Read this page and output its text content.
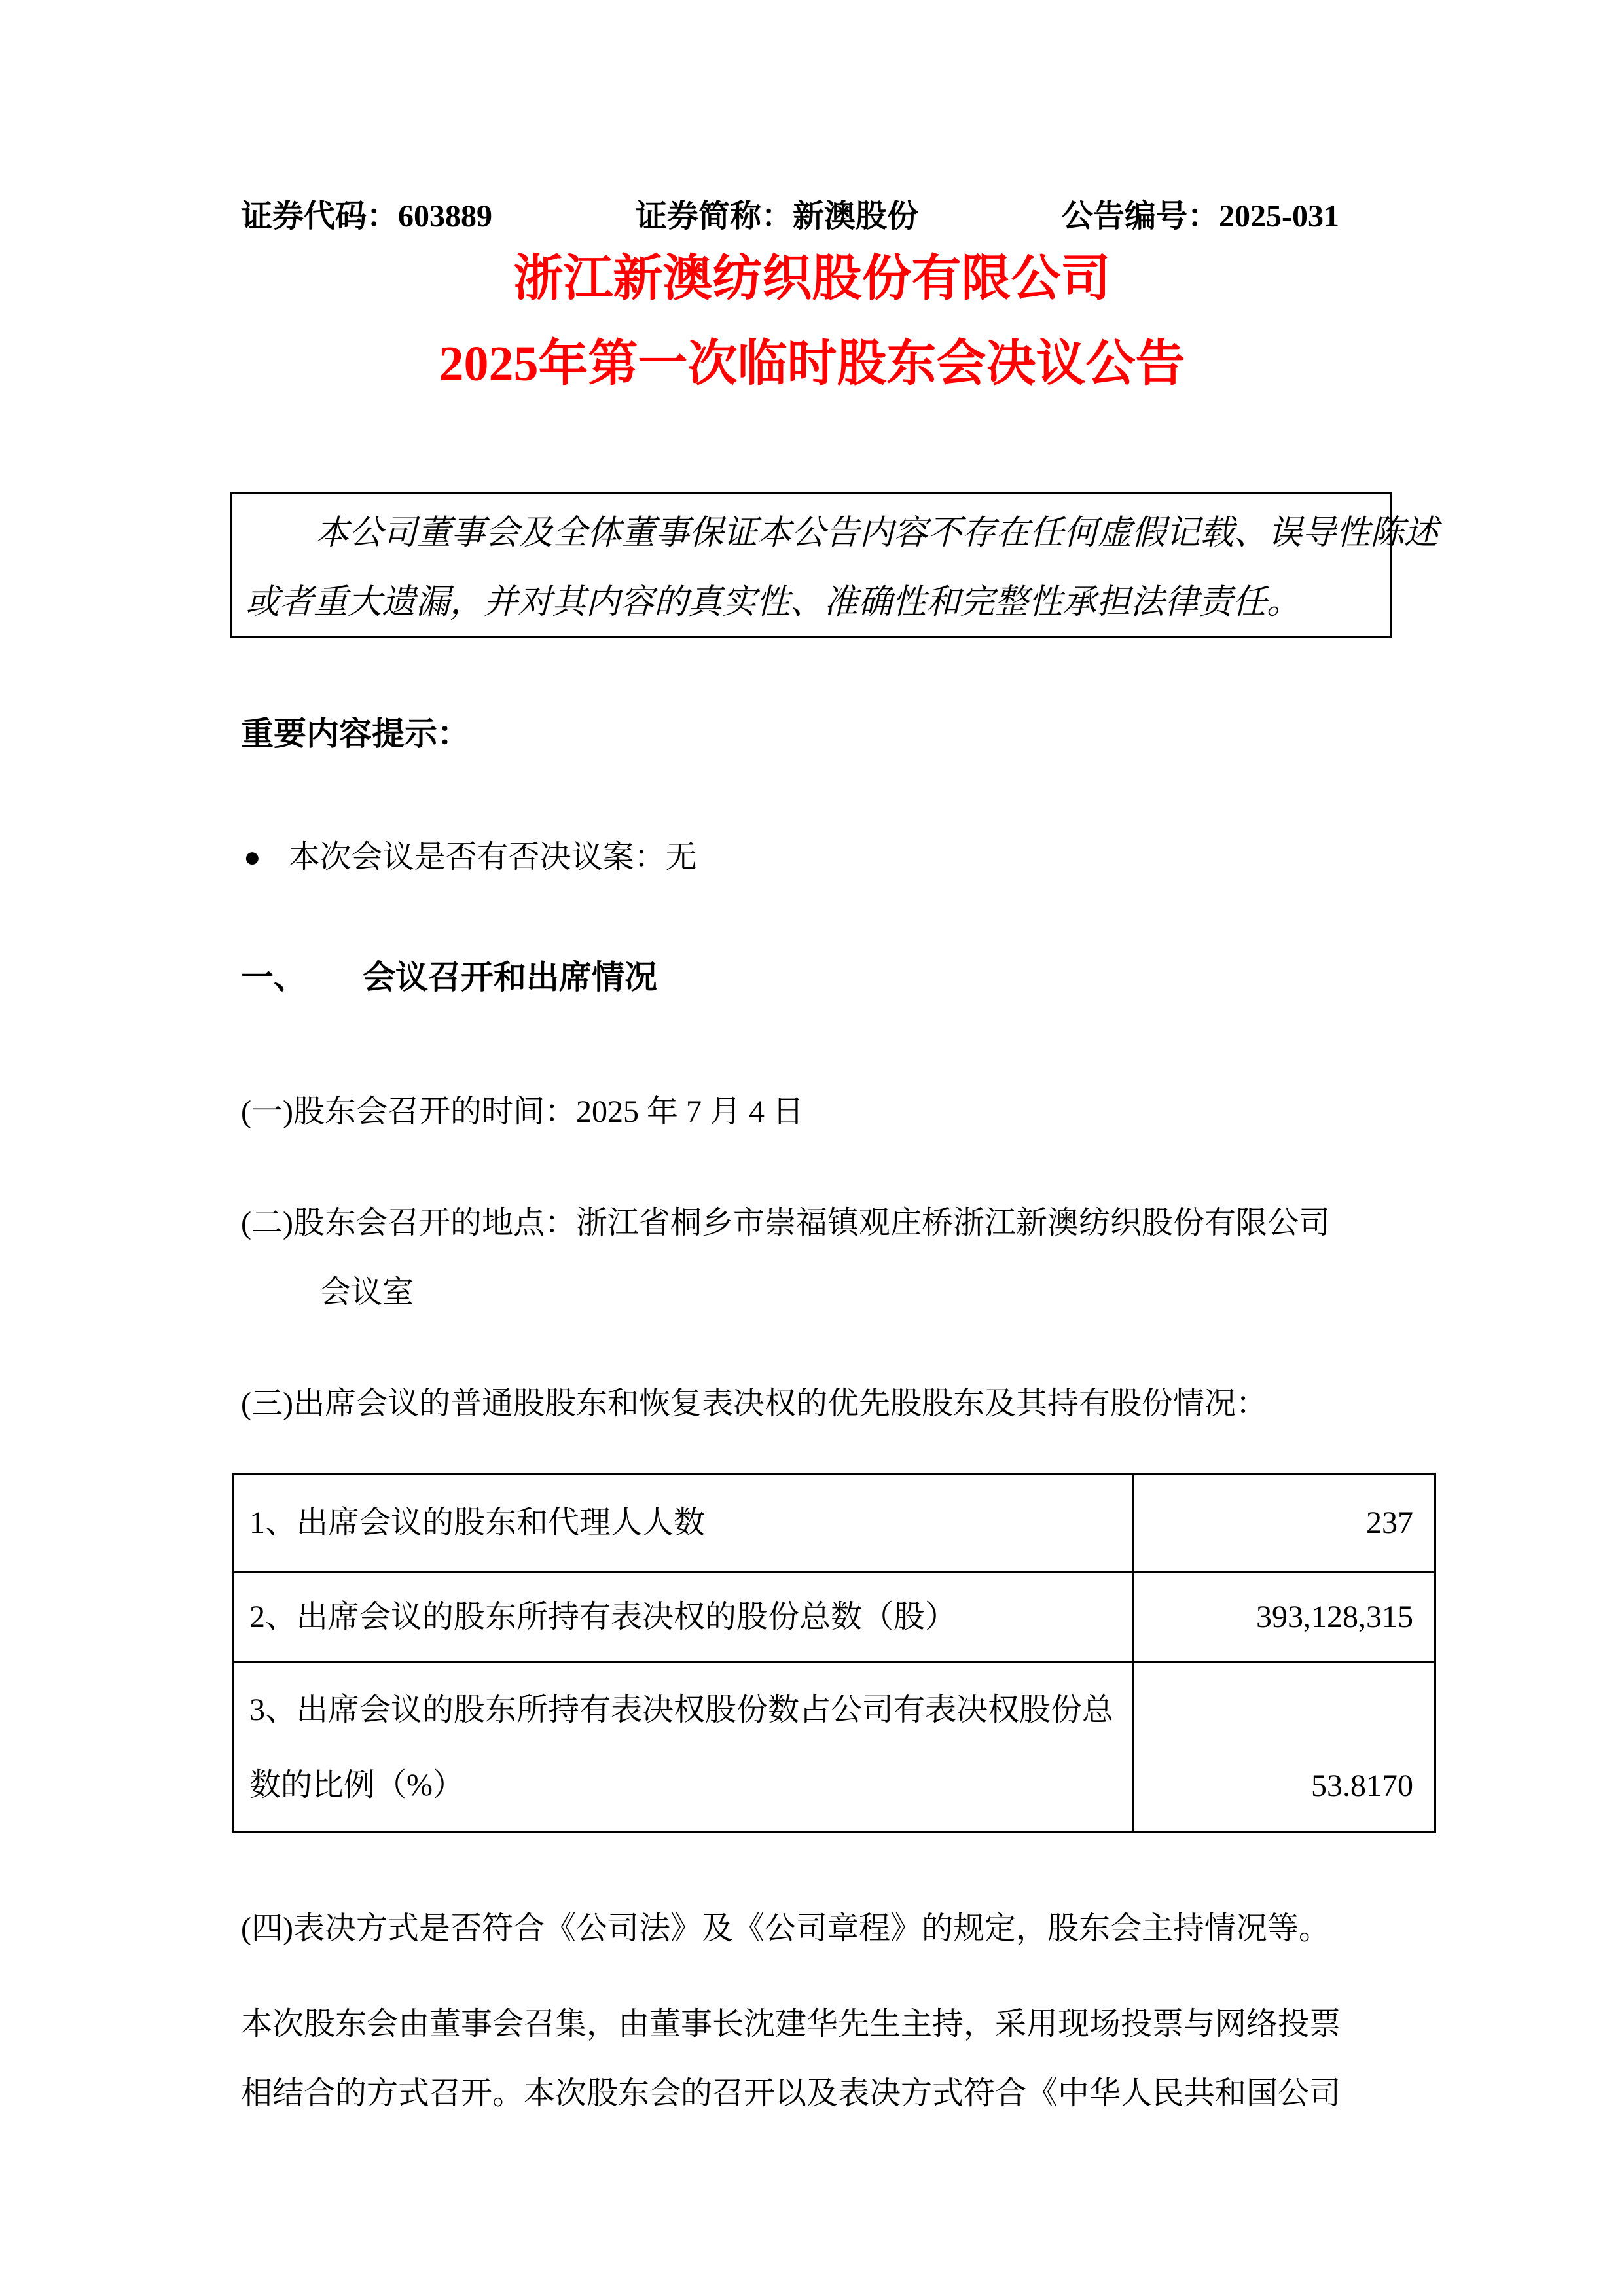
证券代码：603889	证券简称：新澳股份	公告编号：2025-031
浙江新澳纺织股份有限公司
2025年第一次临时股东会决议公告

本公司董事会及全体董事保证本公告内容不存在任何虚假记载、误导性陈述

或者重大遗漏，并对其内容的真实性、准确性和完整性承担法律责任。

重要内容提示：
● 本次会议是否有否决议案：无
一、 会议召开和出席情况

(一)股东会召开的时间：2025 年 7 月 4 日

(二)股东会召开的地点：浙江省桐乡市崇福镇观庄桥浙江新澳纺织股份有限公司

会议室

(三)出席会议的普通股股东和恢复表决权的优先股股东及其持有股份情况：

1、出席会议的股东和代理人人数	237
2、出席会议的股东所持有表决权的股份总数（股）	393,128,315
3、出席会议的股东所持有表决权股份数占公司有表决权股份总数的比例（%）	53.8170

(四)表决方式是否符合《公司法》及《公司章程》的规定，股东会主持情况等。

本次股东会由董事会召集，由董事长沈建华先生主持，采用现场投票与网络投票

相结合的方式召开。本次股东会的召开以及表决方式符合《中华人民共和国公司
